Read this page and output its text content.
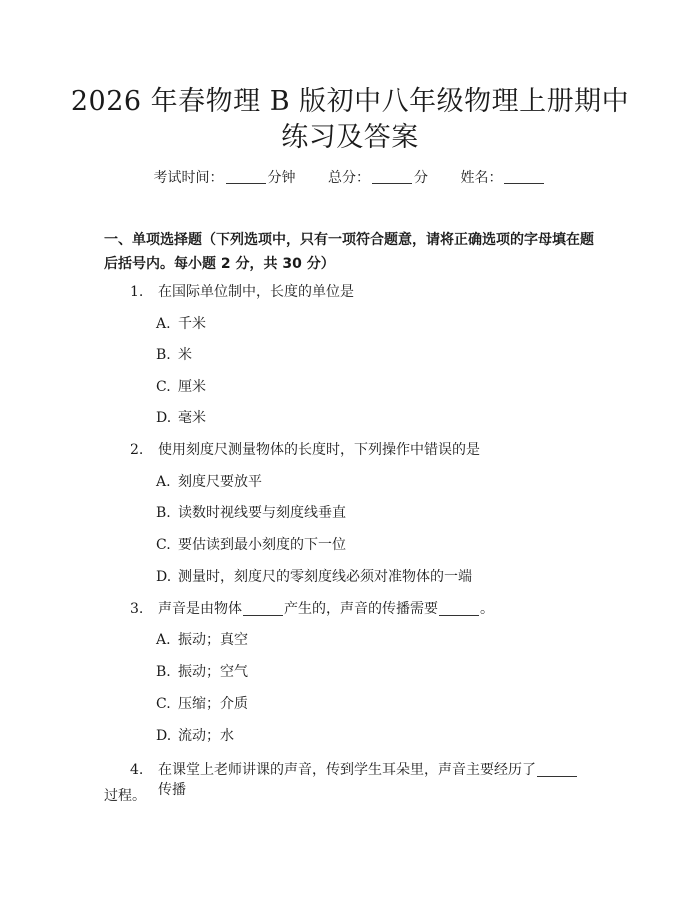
2026 年春物理 B 版初中八年级物理上册期中
练习及答案
考试时间：	分钟 总分：	分 姓名：
一、单项选择题（下列选项中，只有一项符合题意，请将正确选项的字母填在题后括号内。每小题 2 分，共 30 分）
1. 在国际单位制中，长度的单位是
A. 千米
B. 米
C. 厘米
D. 毫米
2. 使用刻度尺测量物体的长度时，下列操作中错误的是
A. 刻度尺要放平
B. 读数时视线要与刻度线垂直
C. 要估读到最小刻度的下一位
D. 测量时，刻度尺的零刻度线必须对准物体的一端
3. 声音是由物体	产生的，声音的传播需要	。
A. 振动；真空
B. 振动；空气
C. 压缩；介质
D. 流动；水
4. 在课堂上老师讲课的声音，传到学生耳朵里，声音主要经历了传播
过程。
